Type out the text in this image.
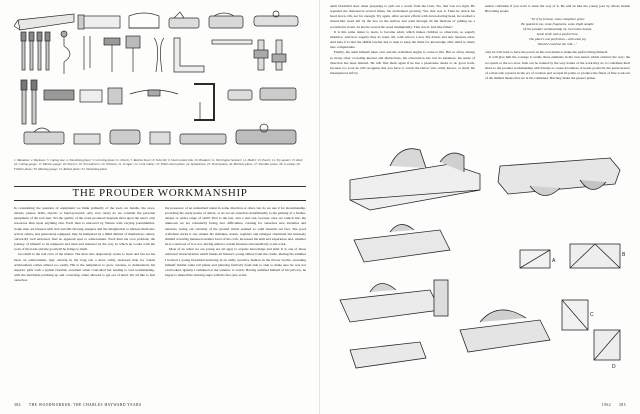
1. Mandzaw; 2. Backsaw; 3. Coping saw; 4. Smoothing plane; 5. Grooving plane; 6. Chisels; 7. Ratchet brace; 8. Twist bit; 9. Snail countersink; 10. Bradawl; 11. Warrington hammer; 12. Mallet; 13. Punch; 14. Try-square; 15. Rule; 16. Cutting-gauge; 17. Mortise gauge; 18. Pincers; 19. Screwdrivers; 20. Oilstone; 21. Scraper; 22. Cork rubber; 23. Pillar-return plane; 24. Spokeshave; 25. Pencil plane; 26. Bullnose plane; 27. Shoulder plane; 28. G-clamp; 29. Fillister plane; 30. Marking gauge; 31. Rebate plane; 32. Smoothing plane

THE PROUDER WORKMANSHIP

In considering the question of equipment we think primarily of the tools we handle, the saws, chisels, planes, drills, electric or hand-powered: only very rarely do we consider the personal equipment of the tool user. Yet the quality of the work produced depends most upon the user's own resources than upon anything else. Each man is endowed by Nature with varying potentialities. Some men are blessed with rich and full-flowing energies and the imagination to harness them into action; others, less generously equipped, may be hampered by a timid distrust of themselves; others, outwardly well endowed, find no apparent spur to achievement. Each man his own problem, the journey of himself to be tempered and tried and matured by the way in which he works with the tools of his trade and the goodwill he brings to them.

Goodwill is the real crux of the matter. The man who desperately wants to learn and has set his heart on achievement, may outstrip in the long run a more richly endowed man for whom achievement comes almost too easily. His is the temptation to grow careless, to demonstrate his superior gifts with a stylish flourish, excellent when controlled but leading to bad workmanship, with the inevitable patching up and correcting, when allowed to get out of hand. We all like to feel ourselves

the possessor of an undoubted talent in some direction or other, but do we use it for showmanship, providing the ready praise of others, or do we set ourselves determinedly to the gaining of a further, deeper or wider range of skill? That is the test, and a real one, because once we launch into the unknown we are voluntarily facing new difficulties, creating for ourselves new anxieties and tensions, losing our certainty of the ground which seemed so solid beneath our feet. The good craftsman sticks it out, makes his mistakes, learns, registers and emerges chastened but intensely thrilled at having mastered another facet of his craft, increased his skill and experience and, whether he is conscious of it or not, having added a certain fineness and sensitivity to his work.

Most of us when we are young are all agog to acquire knowledge and skill. It is one of those universal characteristics which marks all Nature's young almost from the cradle. During the summer I noticed a young blackbird behaving in an oddly secretive fashion in the flower border, screening himself behind some tall plants and glancing furtively from side to side to make sure he was not overlooked. Quietly I remained at the window to watch. Having satisfied himself of his privacy, he began to make little dancing steps with his feet, just as the

384 THE WOODWORKER: THE CHARLES HAYWARD YEARS

adult blackbird does when preparing to pull out a worm from the lawn. No, that was not right. He repeated the manoeuvre several times, his excitement growing. Yes, that was it. Then he struck his head down. Oh, not far enough. Try again. After several efforts with down-darting head, he reached a thread-like weed left by the hoe on the surface and went through all the motions of pulling up a recalcitrant worm. At last he waved the weed triumphantly. That was it. Just like father!

It is this same desire to learn, to become adult, which makes children so observant, so eagerly imitative. And how eagerly they do learn, till, with school, a new life dawns and new tensions arise. And here it is that the skilful teacher has to help to keep the thirst for knowledge alive amid so many new complexities.

Finally, the adult himself takes over and the craftsman begins to come to life. But so often, among so many other crowding interest and distractions, his observation has lost its keenness, his sense of direction has been blunted. He will find them again if he has a passionate desire to do good work, because too soon he will recognise that you have to watch the fellow who really knows, or study the masterpieces left by

earlier craftsmen if you want to learn the way of it. He will be like the young poet by whose mouth Browning spoke:

"Or if by fortune, some completer grace
Be spared to me, some fragments, some slight sample
Of the prouder workmanship my own home boasts,
Some strife with a perfect line,
The place's one perfection—with what joy
Would I enshrine the relic..."

only he will want to have the power in his own hands to make the perfect thing himself.

It will give him the courage to tackle those elements in his own nature which obstruct the way: the too quick or the too slow, both can be trained by the very nature of the work they do to contribute their share to the prouder workmanship which helps to create loveliness. It needs goodwill, the perseverance of a man who rejoices in the act of creation and accepts its pains, to produce the finest of fine work out of the limited means that are at his command. But they make the greater praise.

A
B
C
D
1962 385
